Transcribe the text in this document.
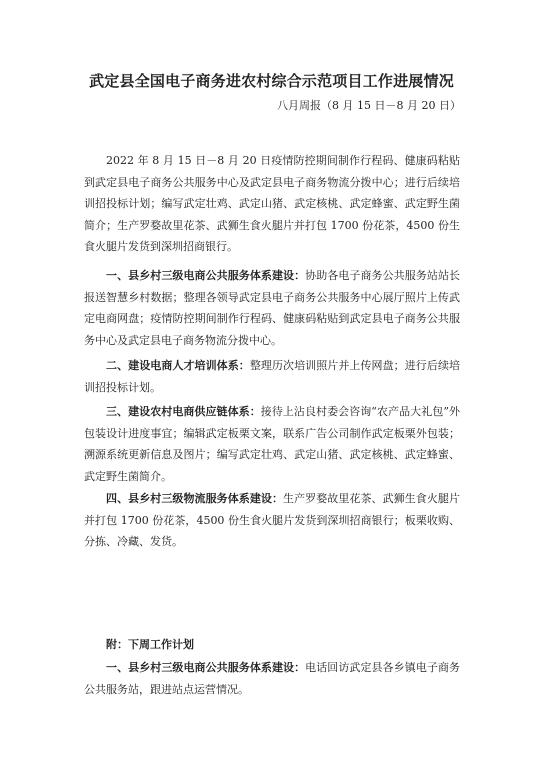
武定县全国电子商务进农村综合示范项目工作进展情况
八月周报（8 月 15 日－8 月 20 日）

2022 年 8 月 15 日－8 月 20 日疫情防控期间制作行程码、健康码粘贴到武定县电子商务公共服务中心及武定县电子商务物流分拨中心；进行后续培训招投标计划；编写武定壮鸡、武定山猪、武定核桃、武定蜂蜜、武定野生菌简介；生产罗婺故里花茶、武狮生食火腿片并打包 1700 份花茶，4500 份生食火腿片发货到深圳招商银行。

一、县乡村三级电商公共服务体系建设：协助各电子商务公共服务站站长报送智慧乡村数据；整理各领导武定县电子商务公共服务中心展厅照片上传武定电商网盘；疫情防控期间制作行程码、健康码粘贴到武定县电子商务公共服务中心及武定县电子商务物流分拨中心。

二、建设电商人才培训体系：整理历次培训照片并上传网盘；进行后续培训招投标计划。

三、建设农村电商供应链体系：接待上沾良村委会咨询“农产品大礼包”外包装设计进度事宜；编辑武定板栗文案，联系广告公司制作武定板栗外包装；溯源系统更新信息及图片；编写武定壮鸡、武定山猪、武定核桃、武定蜂蜜、武定野生菌简介。

四、县乡村三级物流服务体系建设：生产罗婺故里花茶、武狮生食火腿片并打包 1700 份花茶，4500 份生食火腿片发货到深圳招商银行；板栗收购、分拣、冷藏、发货。

附：下周工作计划

一、县乡村三级电商公共服务体系建设：电话回访武定县各乡镇电子商务公共服务站，跟进站点运营情况。
